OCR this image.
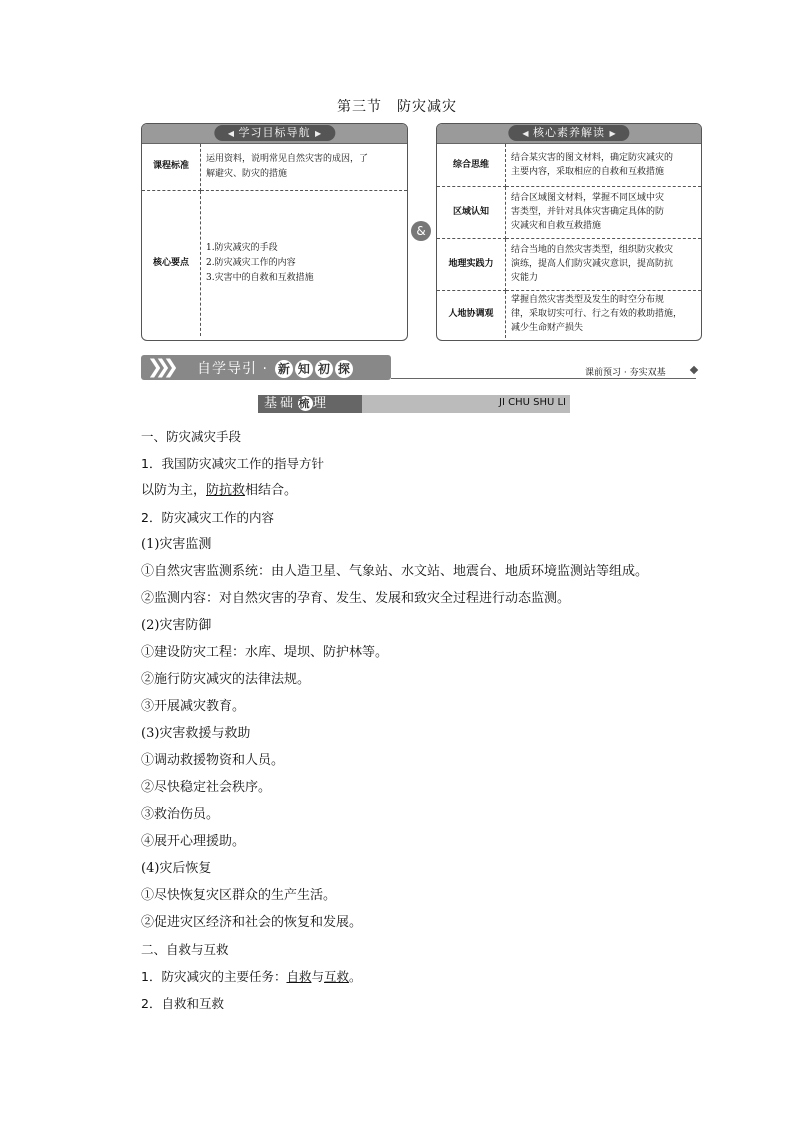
第三节　防灾减灾
◀ 学习目标导航 ▶
课程标准	运用资料，说明常见自然灾害的成因，了
解避灾、防灾的措施

核心要点	1.防灾减灾的手段
2.防灾减灾工作的内容
3.灾害中的自救和互救措施
&
◀ 核心素养解读 ▶
综合思维	结合某灾害的图文材料，确定防灾减灾的
主要内容，采取相应的自救和互救措施

区域认知	结合区域图文材料，掌握不同区域中灾
害类型，并针对具体灾害确定具体的防
灾减灾和自救互救措施

地理实践力	结合当地的自然灾害类型，组织防灾救灾
演练，提高人们防灾减灾意识，提高防抗
灾能力

人地协调观	掌握自然灾害类型及发生的时空分布规
律，采取切实可行、行之有效的救助措施，
减少生命财产损失
❯❯❯ 自学导引 · 新 知 初 探	课前预习 · 夯实双基
基础 梳理	JI CHU SHU LI
一、防灾减灾手段
1．我国防灾减灾工作的指导方针
以防为主，防抗救相结合。
2．防灾减灾工作的内容
(1)灾害监测
①自然灾害监测系统：由人造卫星、气象站、水文站、地震台、地质环境监测站等组成。
②监测内容：对自然灾害的孕育、发生、发展和致灾全过程进行动态监测。
(2)灾害防御
①建设防灾工程：水库、堤坝、防护林等。
②施行防灾减灾的法律法规。
③开展减灾教育。
(3)灾害救援与救助
①调动救援物资和人员。
②尽快稳定社会秩序。
③救治伤员。
④展开心理援助。
(4)灾后恢复
①尽快恢复灾区群众的生产生活。
②促进灾区经济和社会的恢复和发展。
二、自救与互救
1．防灾减灾的主要任务：自救与互救。
2．自救和互救
